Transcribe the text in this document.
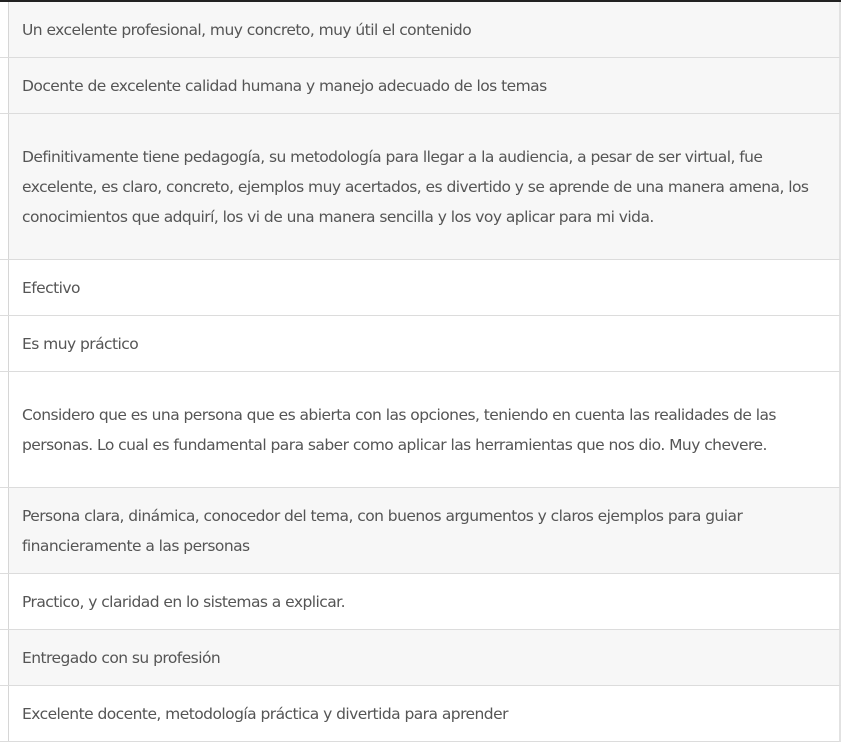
Un excelente profesional, muy concreto, muy útil el contenido
Docente de excelente calidad humana y manejo adecuado de los temas
Definitivamente tiene pedagogía, su metodología para llegar a la audiencia, a pesar de ser virtual, fue excelente, es claro, concreto, ejemplos muy acertados, es divertido y se aprende de una manera amena, los conocimientos que adquirí, los vi de una manera sencilla y los voy aplicar para mi vida.
Efectivo
Es muy práctico
Considero que es una persona que es abierta con las opciones, teniendo en cuenta las realidades de las personas. Lo cual es fundamental para saber como aplicar las herramientas que nos dio. Muy chevere.
Persona clara, dinámica, conocedor del tema, con buenos argumentos y claros ejemplos para guiar financieramente a las personas
Practico, y claridad en lo sistemas a explicar.
Entregado con su profesión
Excelente docente, metodología práctica y divertida para aprender
